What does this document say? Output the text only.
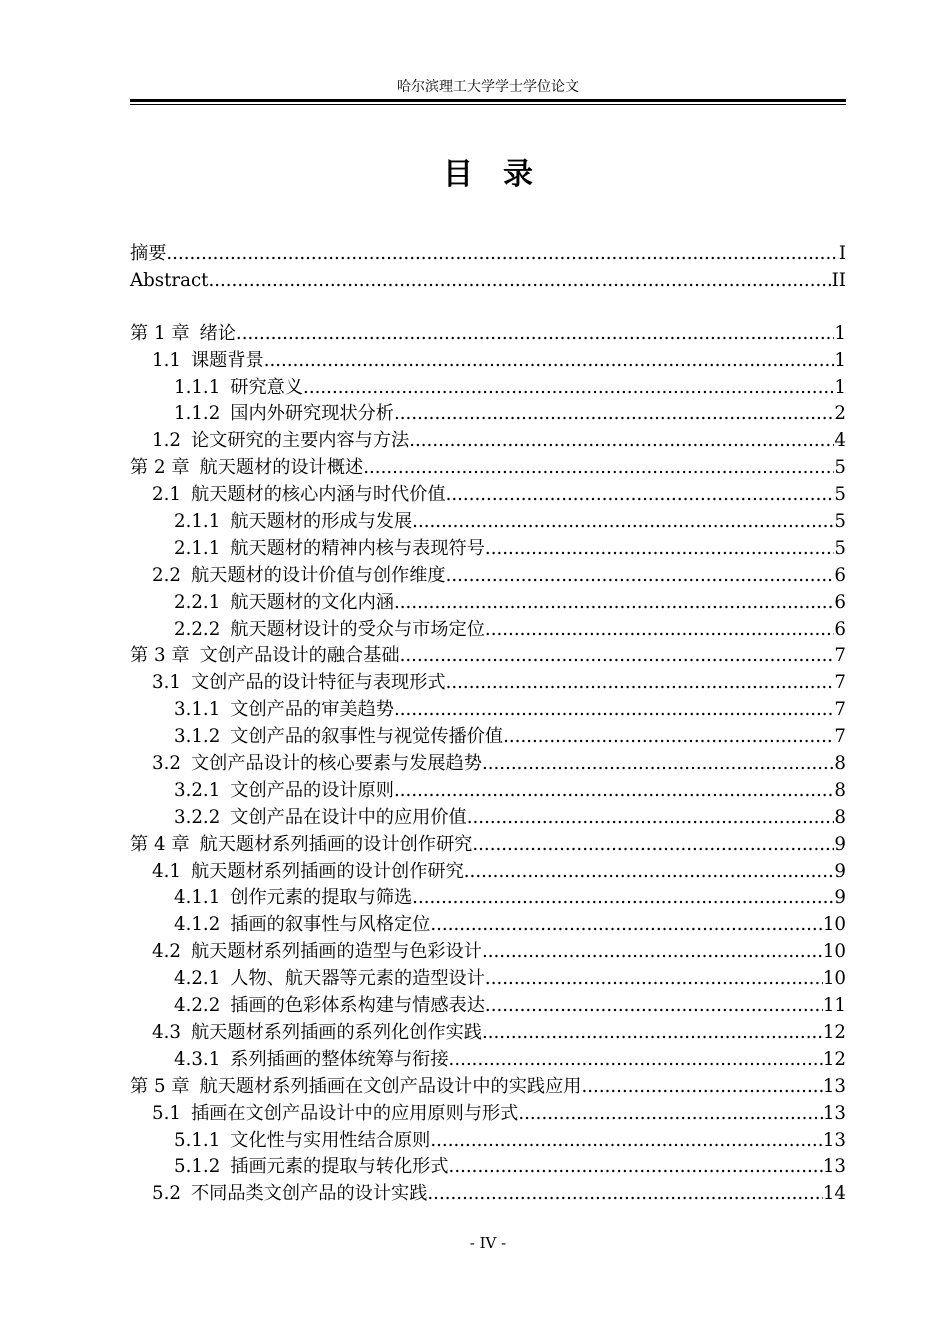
哈尔滨理工大学学士学位论文
目录
摘要 .....	I
Abstract .....	II
第 1 章 绪论 .....	1
1.1 课题背景 .....	1
1.1.1 研究意义 .....	1
1.1.2 国内外研究现状分析 .....	2
1.2 论文研究的主要内容与方法 .....	4
第 2 章 航天题材的设计概述 .....	5
2.1 航天题材的核心内涵与时代价值 .....	5
2.1.1 航天题材的形成与发展 .....	5
2.1.1 航天题材的精神内核与表现符号 .....	5
2.2 航天题材的设计价值与创作维度 .....	6
2.2.1 航天题材的文化内涵 .....	6
2.2.2 航天题材设计的受众与市场定位 .....	6
第 3 章 文创产品设计的融合基础 .....	7
3.1 文创产品的设计特征与表现形式 .....	7
3.1.1 文创产品的审美趋势 .....	7
3.1.2 文创产品的叙事性与视觉传播价值 .....	7
3.2 文创产品设计的核心要素与发展趋势 .....	8
3.2.1 文创产品的设计原则 .....	8
3.2.2 文创产品在设计中的应用价值 .....	8
第 4 章 航天题材系列插画的设计创作研究 .....	9
4.1 航天题材系列插画的设计创作研究 .....	9
4.1.1 创作元素的提取与筛选 .....	9
4.1.2 插画的叙事性与风格定位 .....	10
4.2 航天题材系列插画的造型与色彩设计 .....	10
4.2.1 人物、航天器等元素的造型设计 .....	10
4.2.2 插画的色彩体系构建与情感表达 .....	11
4.3 航天题材系列插画的系列化创作实践 .....	12
4.3.1 系列插画的整体统筹与衔接 .....	12
第 5 章 航天题材系列插画在文创产品设计中的实践应用 .....	13
5.1 插画在文创产品设计中的应用原则与形式 .....	13
5.1.1 文化性与实用性结合原则 .....	13
5.1.2 插画元素的提取与转化形式 .....	13
5.2 不同品类文创产品的设计实践 .....	14
- IV -
